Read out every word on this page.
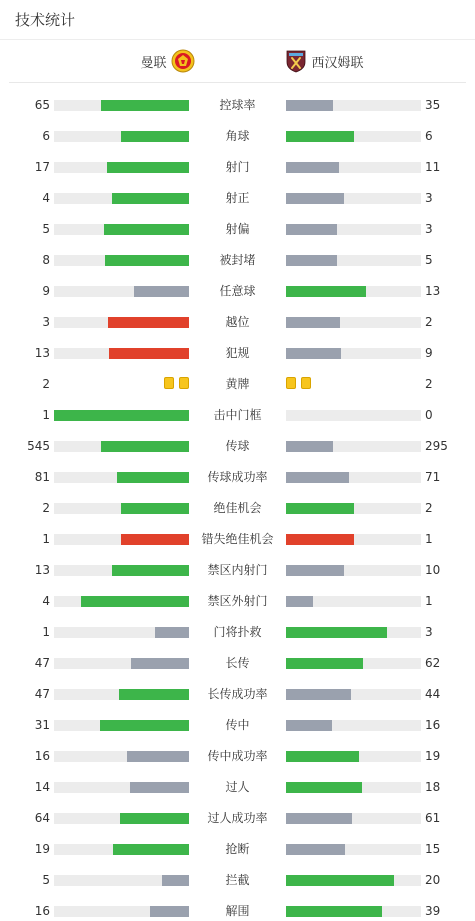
技术统计
曼联	西汉姆联
65	控球率	35
6	角球	6
17	射门	11
4	射正	3
5	射偏	3
8	被封堵	5
9	任意球	13
3	越位	2
13	犯规	9
2	黄牌	2
1	击中门框	0
545	传球	295
81	传球成功率	71
2	绝佳机会	2
1	错失绝佳机会	1
13	禁区内射门	10
4	禁区外射门	1
1	门将扑救	3
47	长传	62
47	长传成功率	44
31	传中	16
16	传中成功率	19
14	过人	18
64	过人成功率	61
19	抢断	15
5	拦截	20
16	解围	39
